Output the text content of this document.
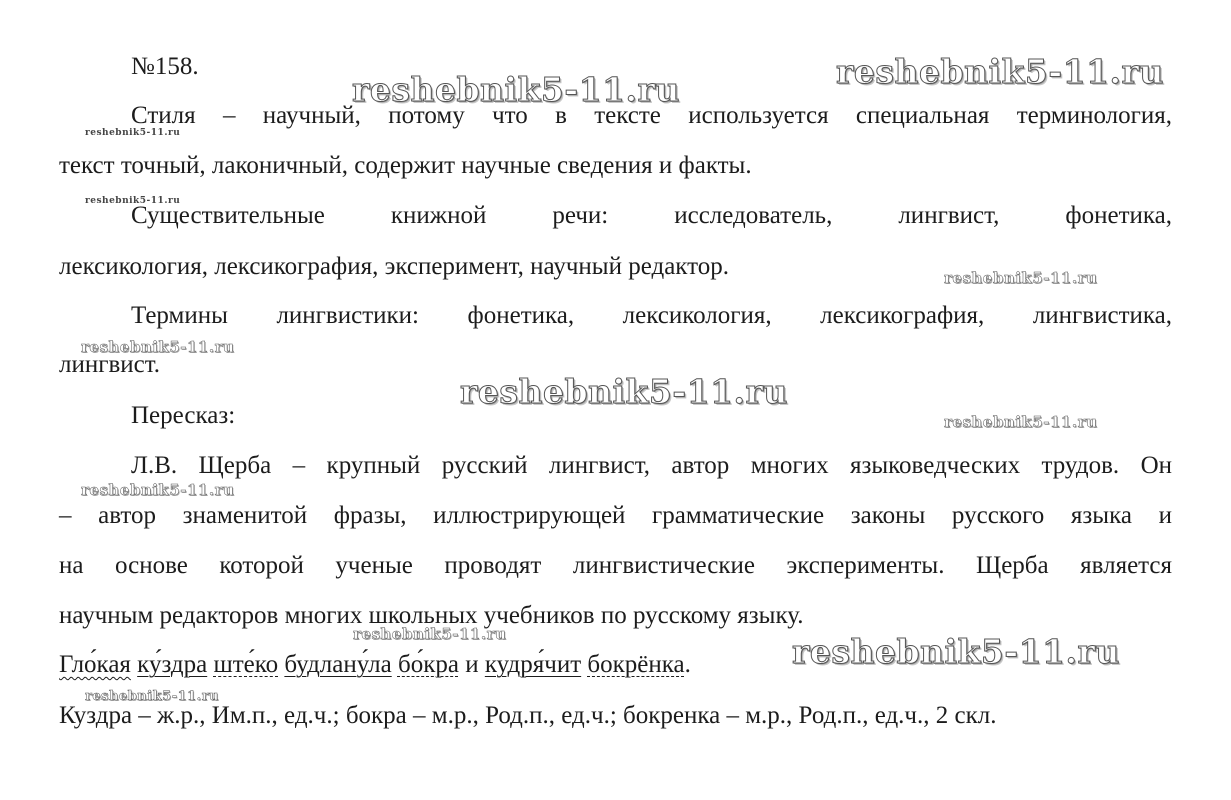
№158.
Стиля – научный, потому что в тексте используется специальная терминология,
текст точный, лаконичный, содержит научные сведения и факты.
Существительные книжной речи: исследователь, лингвист, фонетика,
лексикология, лексикография, эксперимент, научный редактор.
Термины лингвистики: фонетика, лексикология, лексикография, лингвистика,
лингвист.
Пересказ:
Л.В. Щерба – крупный русский лингвист, автор многих языковедческих трудов. Он
– автор знаменитой фразы, иллюстрирующей грамматические законы русского языка и
на основе которой ученые проводят лингвистические эксперименты. Щерба является
научным редакторов многих школьных учебников по русскому языку.
Гло́кая ку́здра ште́ко будлану́ла бо́кра и кудря́чит бокрёнка.
Куздра – ж.р., Им.п., ед.ч.; бокра – м.р., Род.п., ед.ч.; бокренка – м.р., Род.п., ед.ч., 2 скл.
reshebnik5-11.ru	reshebnik5-11.ru
reshebnik5-11.ru
reshebnik5-11.ru
reshebnik5-11.ru
reshebnik5-11.ru
reshebnik5-11.ru
reshebnik5-11.ru
reshebnik5-11.ru
reshebnik5-11.ru	reshebnik5-11.ru
reshebnik5-11.ru
